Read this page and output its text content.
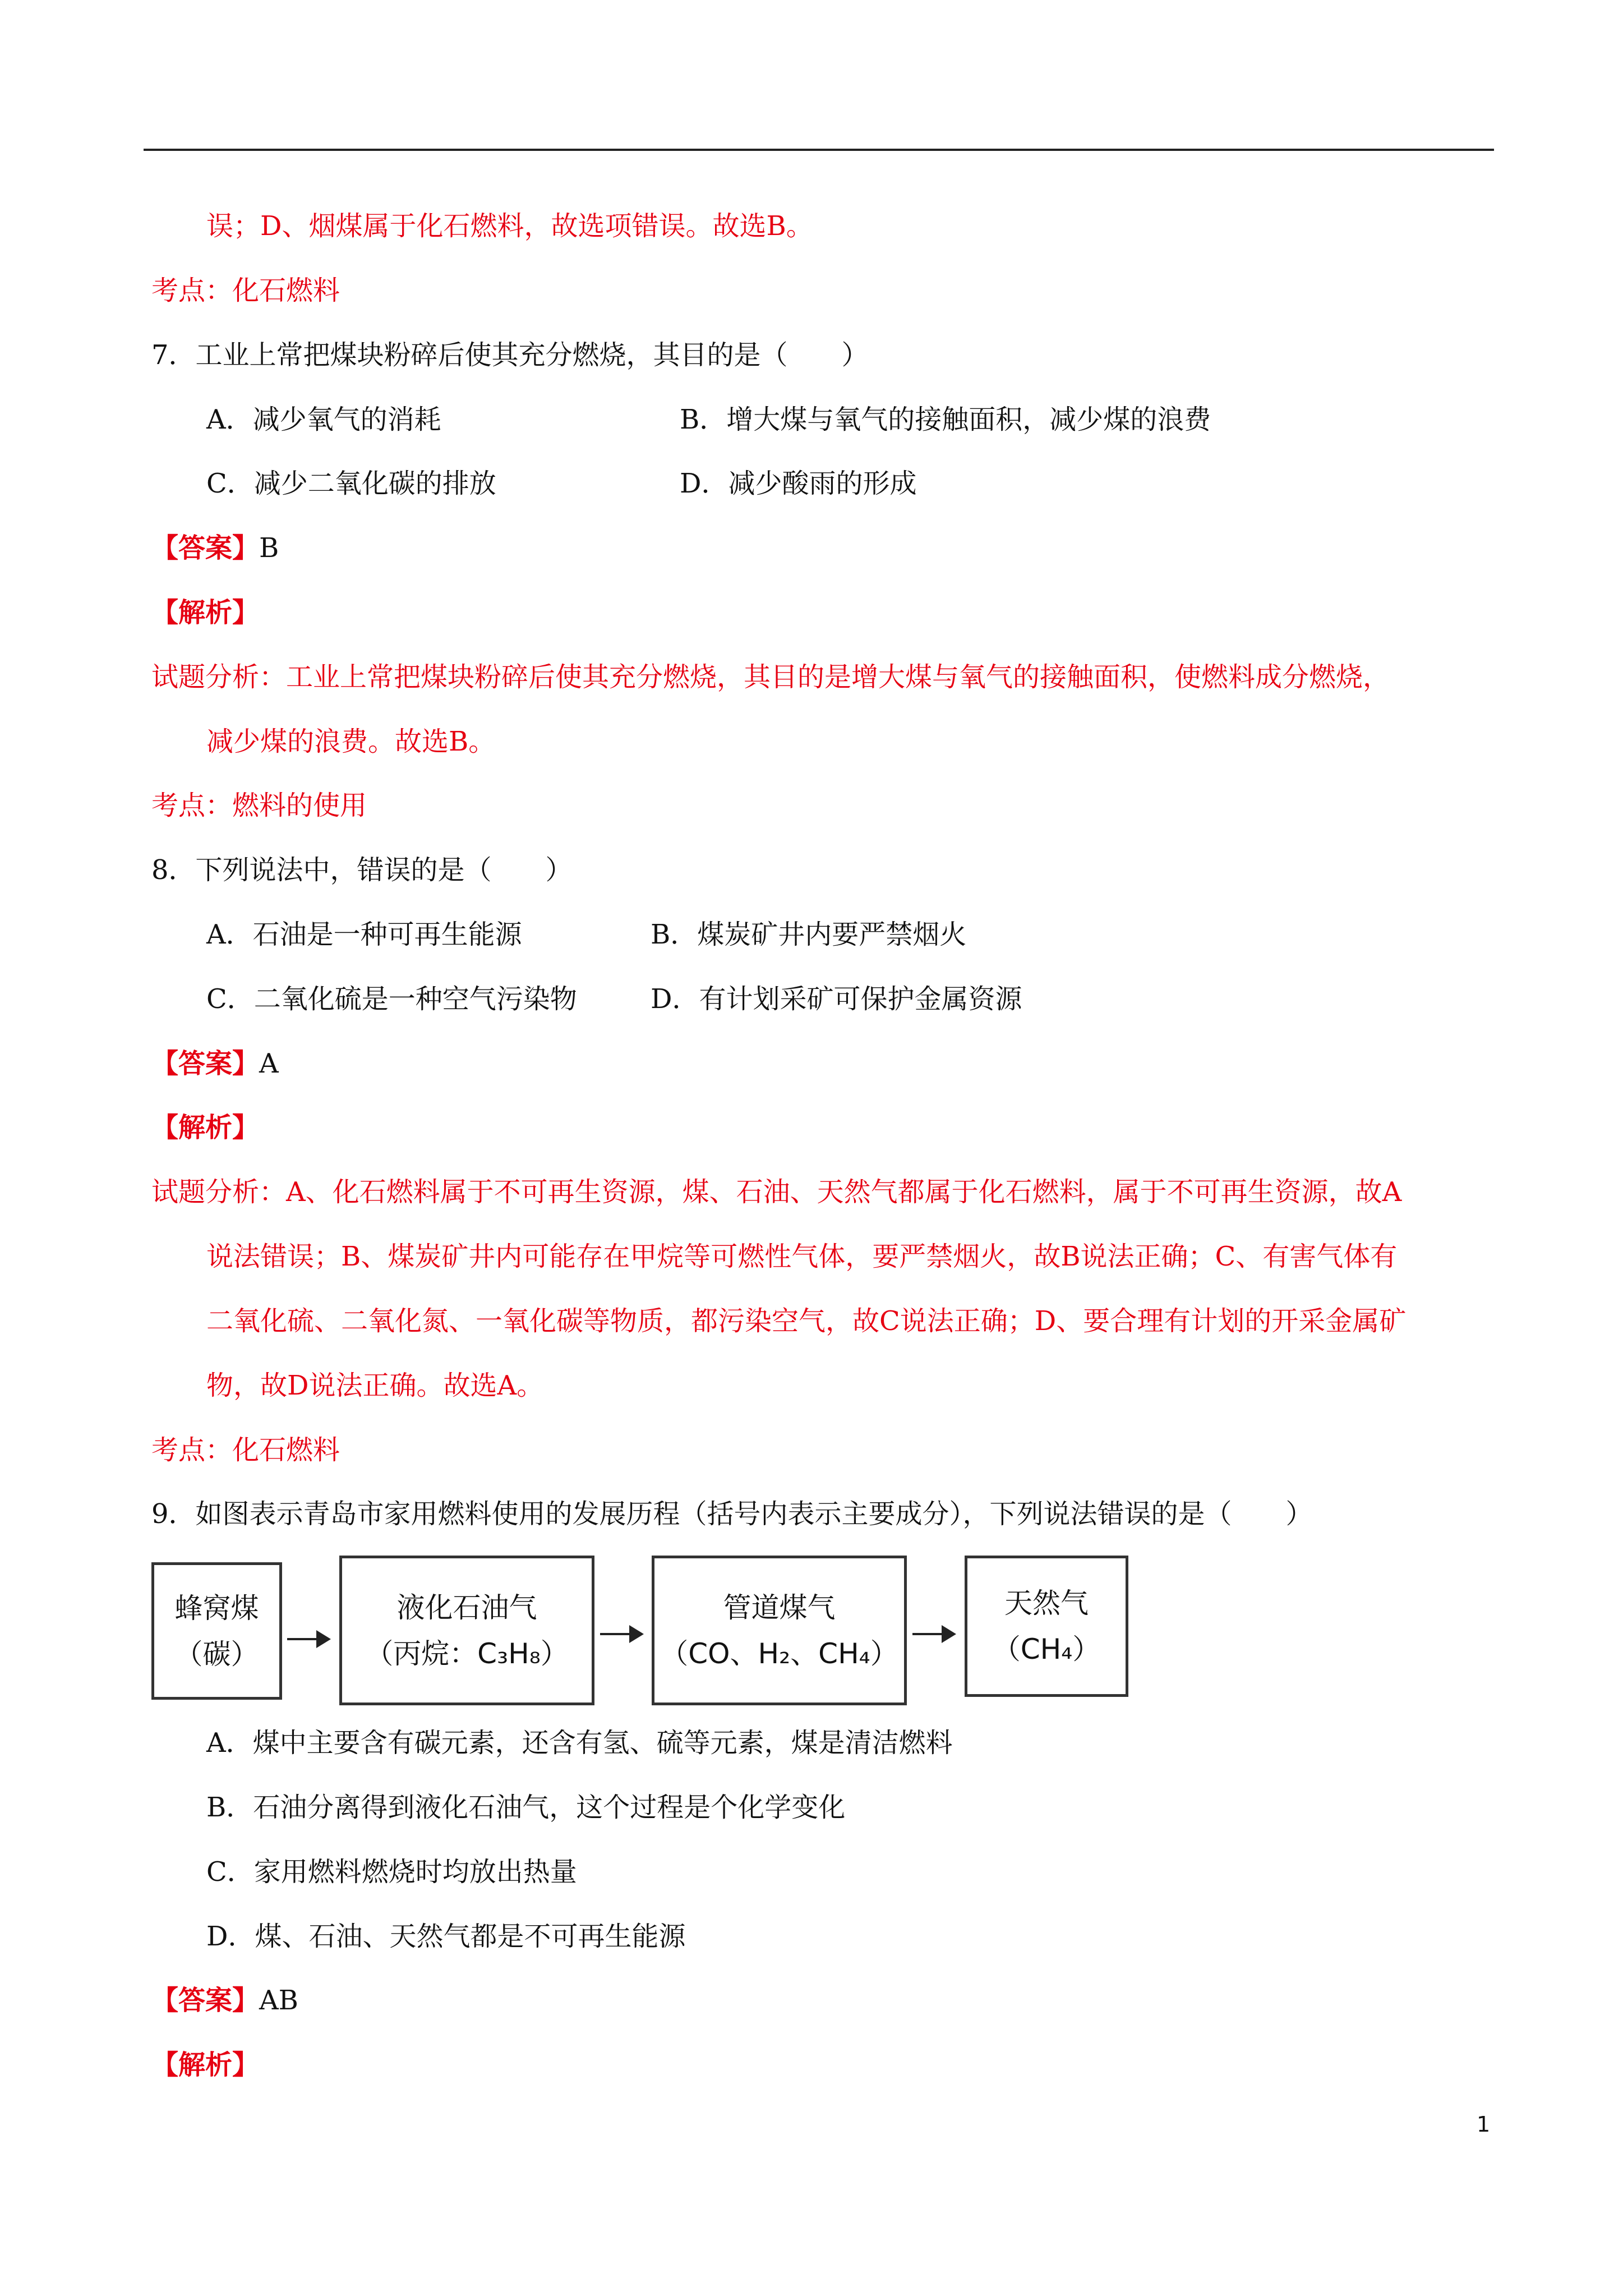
误；D、烟煤属于化石燃料，故选项错误。故选B。
考点：化石燃料
7．工业上常把煤块粉碎后使其充分燃烧，其目的是（　　）
A．减少氧气的消耗	B．增大煤与氧气的接触面积，减少煤的浪费
C．减少二氧化碳的排放	D．减少酸雨的形成
【答案】B
【解析】
试题分析：工业上常把煤块粉碎后使其充分燃烧，其目的是增大煤与氧气的接触面积，使燃料成分燃烧，
减少煤的浪费。故选B。
考点：燃料的使用
8．下列说法中，错误的是（　　）
A．石油是一种可再生能源	B．煤炭矿井内要严禁烟火
C．二氧化硫是一种空气污染物	D．有计划采矿可保护金属资源
【答案】A
【解析】
试题分析：A、化石燃料属于不可再生资源，煤、石油、天然气都属于化石燃料，属于不可再生资源，故A
说法错误；B、煤炭矿井内可能存在甲烷等可燃性气体，要严禁烟火，故B说法正确；C、有害气体有
二氧化硫、二氧化氮、一氧化碳等物质，都污染空气，故C说法正确；D、要合理有计划的开采金属矿
物，故D说法正确。故选A。
考点：化石燃料
9．如图表示青岛市家用燃料使用的发展历程（括号内表示主要成分），下列说法错误的是（　　）
蜂窝煤
（碳）
液化石油气
（丙烷：C₃H₈）
管道煤气
（CO、H₂、CH₄）
天然气
（CH₄）
A．煤中主要含有碳元素，还含有氢、硫等元素，煤是清洁燃料
B．石油分离得到液化石油气，这个过程是个化学变化
C．家用燃料燃烧时均放出热量
D．煤、石油、天然气都是不可再生能源
【答案】AB
【解析】
1
